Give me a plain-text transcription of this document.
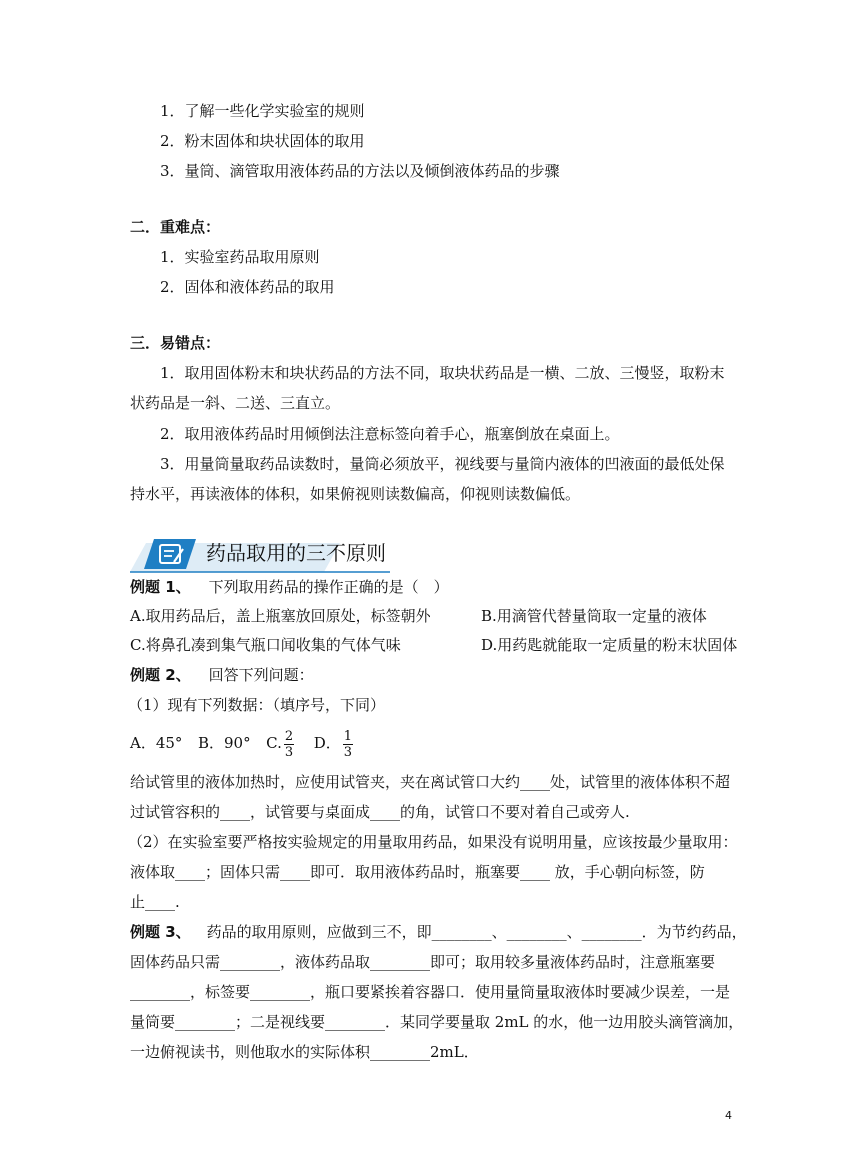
1．了解一些化学实验室的规则
2．粉末固体和块状固体的取用
3．量筒、滴管取用液体药品的方法以及倾倒液体药品的步骤
二．重难点：
1．实验室药品取用原则
2．固体和液体药品的取用
三．易错点：
1．取用固体粉末和块状药品的方法不同，取块状药品是一横、二放、三慢竖，取粉末
状药品是一斜、二送、三直立。
2．取用液体药品时用倾倒法注意标签向着手心，瓶塞倒放在桌面上。
3．用量筒量取药品读数时，量筒必须放平，视线要与量筒内液体的凹液面的最低处保
持水平，再读液体的体积，如果俯视则读数偏高，仰视则读数偏低。
药品取用的三不原则
例题 1、 下列取用药品的操作正确的是（　）
A.取用药品后，盖上瓶塞放回原处，标签朝外	B.用滴管代替量筒取一定量的液体
C.将鼻孔凑到集气瓶口闻收集的气体气味	D.用药匙就能取一定质量的粉末状固体
例题 2、 回答下列问题：
（1）现有下列数据：（填序号，下同）
A．45° B．90° C. $\frac{2}{3}$ D． $\frac{1}{3}$
给试管里的液体加热时，应使用试管夹，夹在离试管口大约____处，试管里的液体体积不超
过试管容积的____，试管要与桌面成____的角，试管口不要对着自己或旁人.
（2）在实验室要严格按实验规定的用量取用药品，如果没有说明用量，应该按最少量取用：
液体取____；固体只需____即可．取用液体药品时，瓶塞要____ 放，手心朝向标签，防
止____.
例题 3、 药品的取用原则，应做到三不，即________、________、________．为节约药品，
固体药品只需________，液体药品取________即可；取用较多量液体药品时，注意瓶塞要
________，标签要________，瓶口要紧挨着容器口．使用量筒量取液体时要减少误差，一是
量筒要________；二是视线要________．某同学要量取 2mL 的水，他一边用胶头滴管滴加，
一边俯视读书，则他取水的实际体积________2mL．
4
